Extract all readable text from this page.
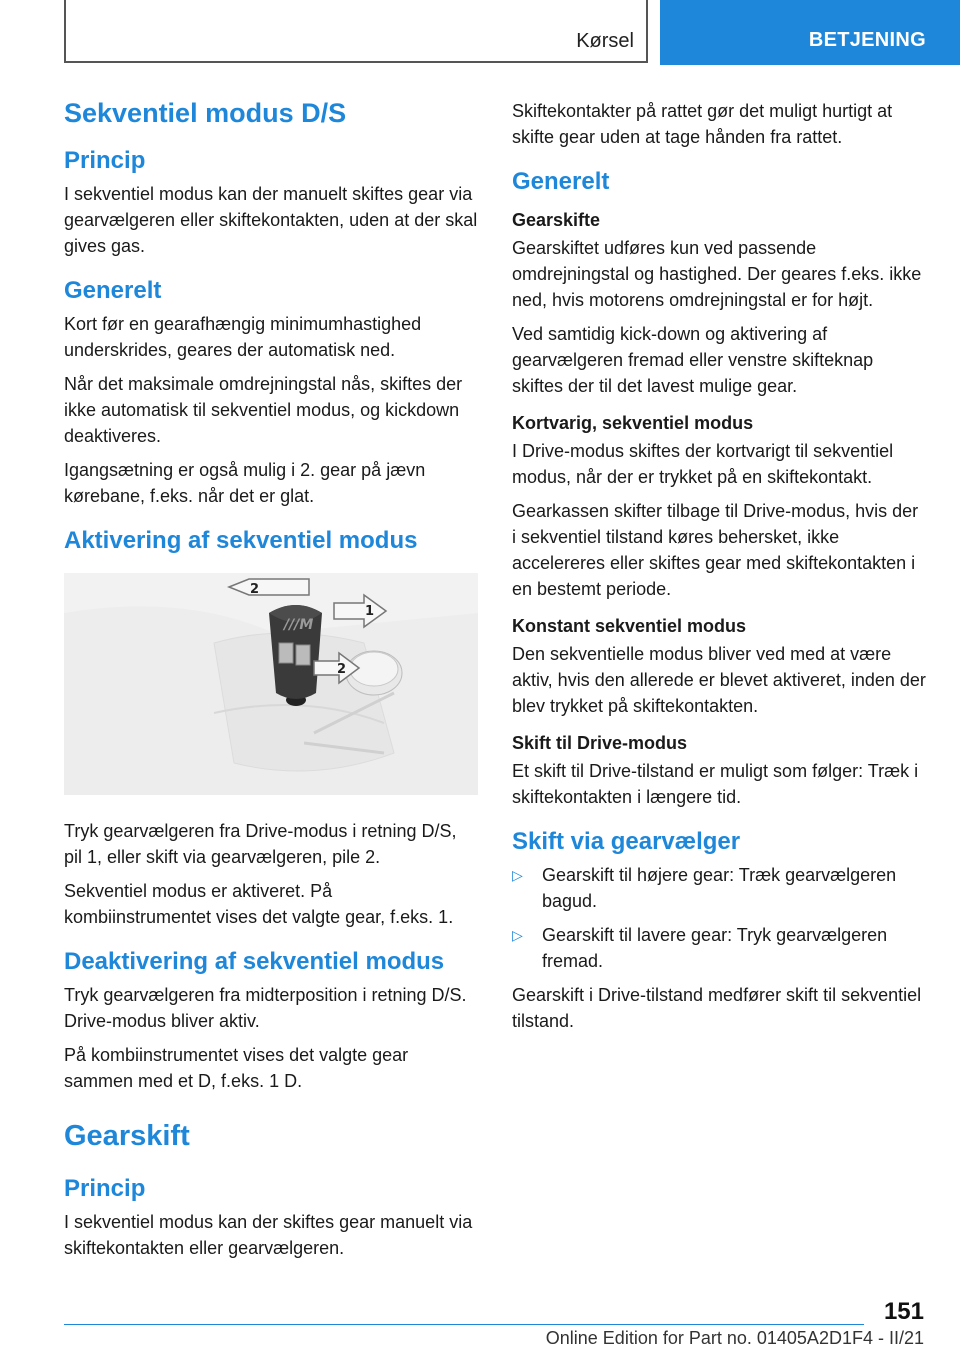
Kørsel	BETJENING
Sekventiel modus D/S
Princip

I sekventiel modus kan der manuelt skiftes gear via gearvælgeren eller skiftekontakten, uden at der skal gives gas.

Generelt

Kort før en gearafhængig minimumhastighed underskrides, geares der automatisk ned.

Når det maksimale omdrejningstal nås, skiftes der ikke automatisk til sekventiel modus, og kickdown deaktiveres.

Igangsætning er også mulig i 2. gear på jævn kørebane, f.eks. når det er glat.

Aktivering af sekventiel modus
///M
2
1
2

Tryk gearvælgeren fra Drive-modus i retning D/S, pil 1, eller skift via gearvælgeren, pile 2.

Sekventiel modus er aktiveret. På kombiinstrumentet vises det valgte gear, f.eks. 1.

Deaktivering af sekventiel modus

Tryk gearvælgeren fra midterposition i retning D/S. Drive-modus bliver aktiv.

På kombiinstrumentet vises det valgte gear sammen med et D, f.eks. 1 D.

Gearskift
Princip

I sekventiel modus kan der skiftes gear manuelt via skiftekontakten eller gearvælgeren.

Skiftekontakter på rattet gør det muligt hurtigt at skifte gear uden at tage hånden fra rattet.

Generelt
Gearskifte

Gearskiftet udføres kun ved passende omdrejningstal og hastighed. Der geares f.eks. ikke ned, hvis motorens omdrejningstal er for højt.

Ved samtidig kick-down og aktivering af gearvælgeren fremad eller venstre skifteknap skiftes der til det lavest mulige gear.

Kortvarig, sekventiel modus

I Drive-modus skiftes der kortvarigt til sekventiel modus, når der er trykket på en skiftekontakt.

Gearkassen skifter tilbage til Drive-modus, hvis der i sekventiel tilstand køres behersket, ikke accelereres eller skiftes gear med skiftekontakten i en bestemt periode.

Konstant sekventiel modus

Den sekventielle modus bliver ved med at være aktiv, hvis den allerede er blevet aktiveret, inden der blev trykket på skiftekontakten.

Skift til Drive-modus

Et skift til Drive-tilstand er muligt som følger: Træk i skiftekontakten i længere tid.

Skift via gearvælger
▷ Gearskift til højere gear: Træk gearvælgeren bagud.
▷ Gearskift til lavere gear: Tryk gearvælgeren fremad.

Gearskift i Drive-tilstand medfører skift til sekventiel tilstand.

151
Online Edition for Part no. 01405A2D1F4 - II/21
